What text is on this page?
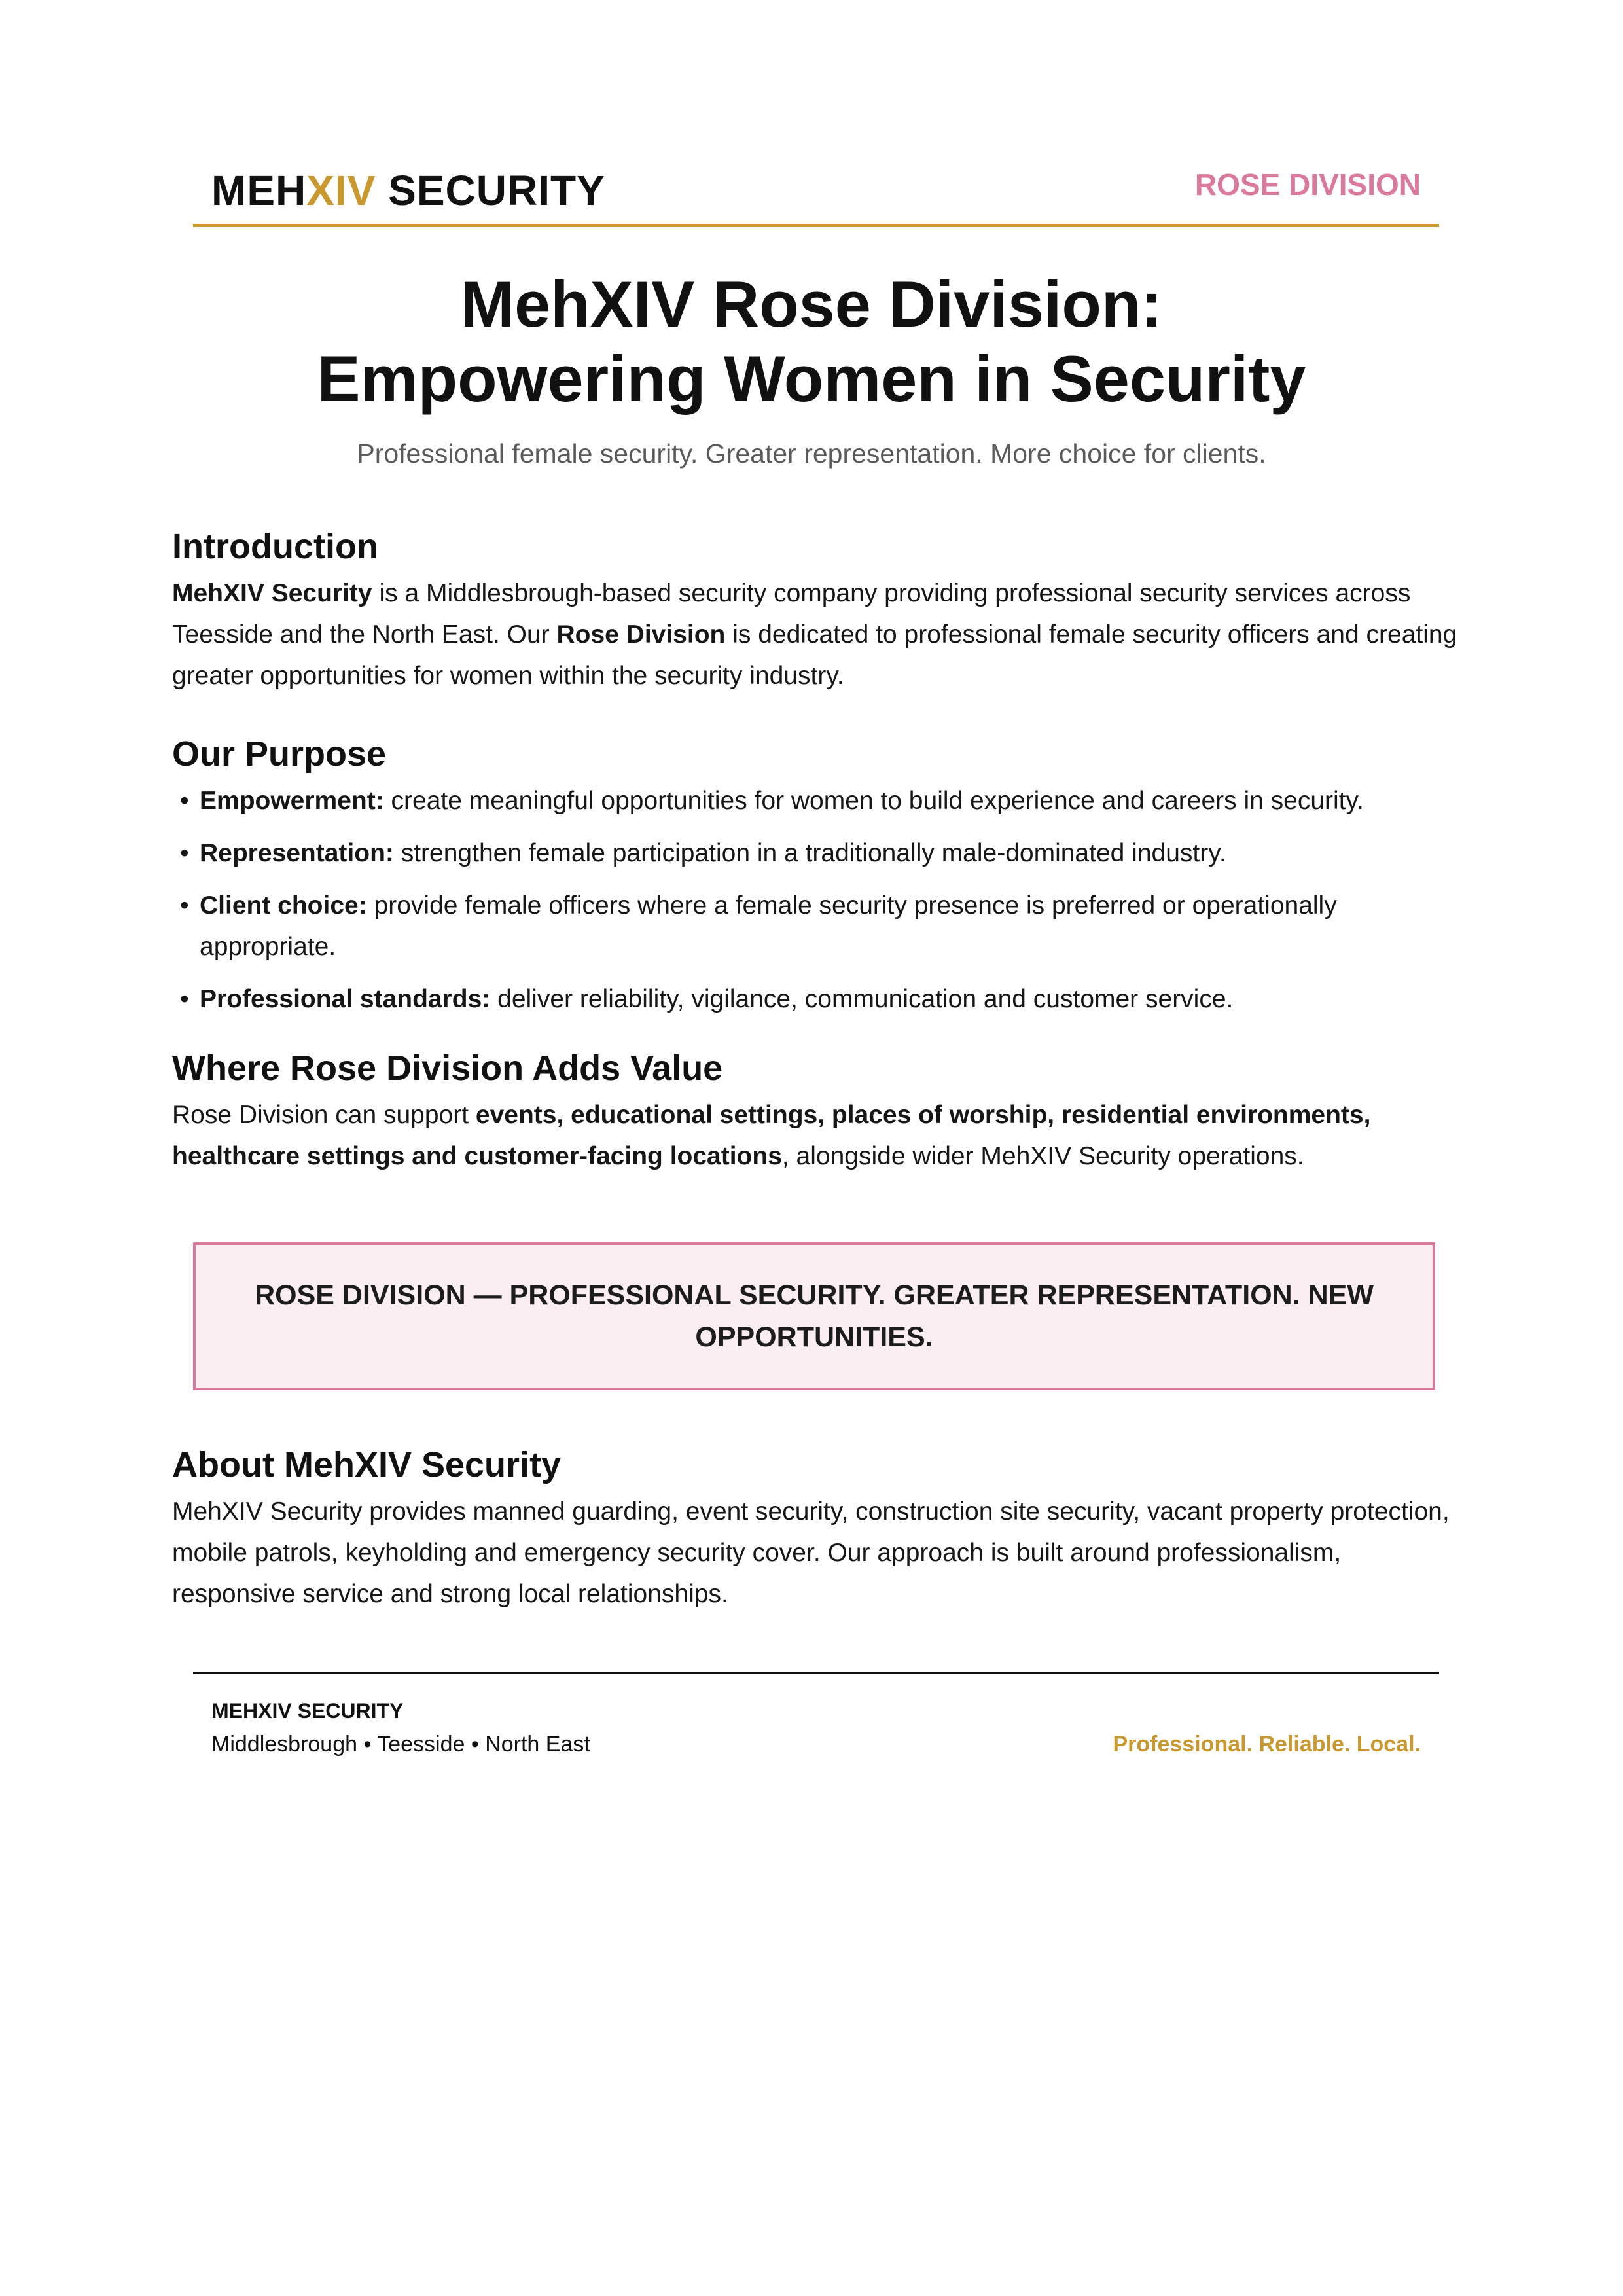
MEHXIV SECURITY	ROSE DIVISION
MehXIV Rose Division:
Empowering Women in Security
Professional female security. Greater representation. More choice for clients.
Introduction

MehXIV Security is a Middlesbrough-based security company providing professional security services across Teesside and the North East. Our Rose Division is dedicated to professional female security officers and creating greater opportunities for women within the security industry.

Our Purpose
• Empowerment: create meaningful opportunities for women to build experience and careers in security.
• Representation: strengthen female participation in a traditionally male-dominated industry.
• Client choice: provide female officers where a female security presence is preferred or operationally appropriate.
• Professional standards: deliver reliability, vigilance, communication and customer service.
Where Rose Division Adds Value

Rose Division can support events, educational settings, places of worship, residential environments, healthcare settings and customer-facing locations, alongside wider MehXIV Security operations.

ROSE DIVISION — PROFESSIONAL SECURITY. GREATER REPRESENTATION. NEW OPPORTUNITIES.
About MehXIV Security

MehXIV Security provides manned guarding, event security, construction site security, vacant property protection, mobile patrols, keyholding and emergency security cover. Our approach is built around professionalism, responsive service and strong local relationships.

MEHXIV SECURITY
Middlesbrough • Teesside • North East	Professional. Reliable. Local.
